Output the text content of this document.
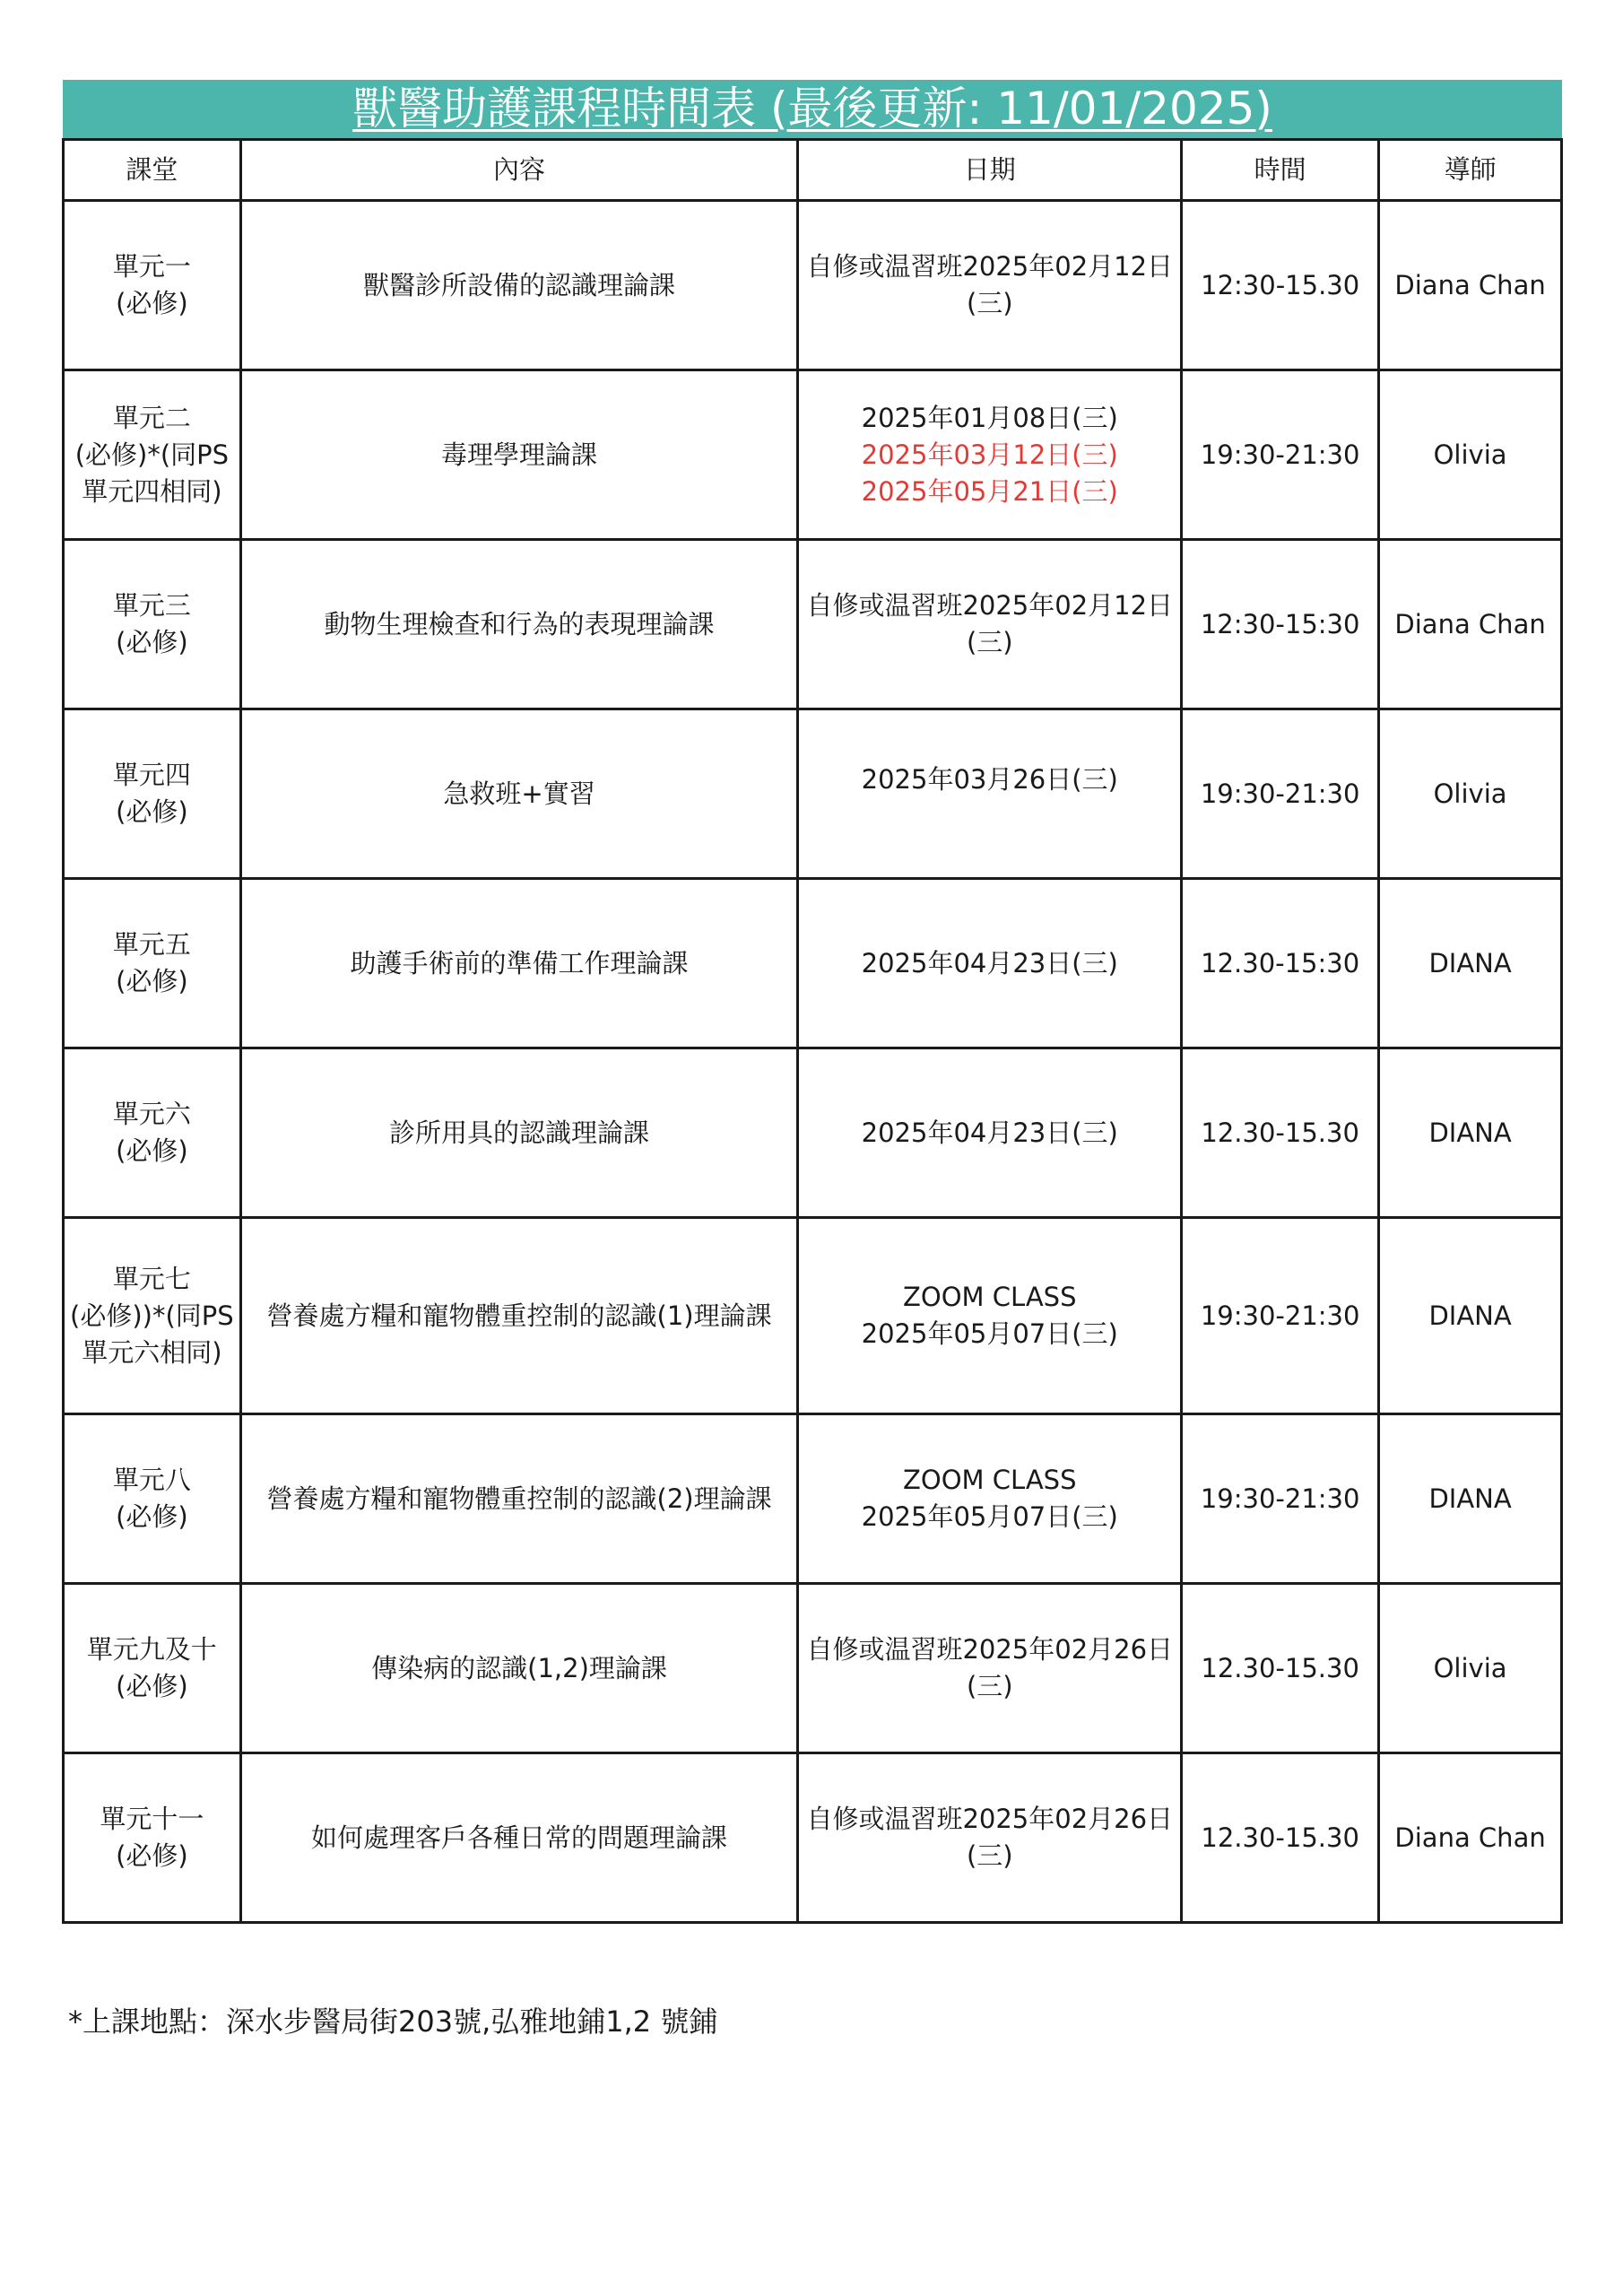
獸醫助護課程時間表 (最後更新: 11/01/2025)
課堂	內容	日期	時間	導師

單元一
(必修)	獸醫診所設備的認識理論課	自修或温習班2025年02月12日
(三)	12:30-15.30	Diana Chan

單元二
(必修)*(同PS
單元四相同)	毒理學理論課	2025年01月08日(三)
2025年03月12日(三)
2025年05月21日(三)	19:30-21:30	Olivia

單元三
(必修)	動物生理檢查和行為的表現理論課	自修或温習班2025年02月12日
(三)	12:30-15:30	Diana Chan

單元四
(必修)	急救班+實習	2025年03月26日(三)	19:30-21:30	Olivia

單元五
(必修)	助護手術前的準備工作理論課	2025年04月23日(三)	12.30-15:30	DIANA

單元六
(必修)	診所用具的認識理論課	2025年04月23日(三)	12.30-15.30	DIANA

單元七
(必修))*(同PS
單元六相同)	營養處方糧和寵物體重控制的認識(1)理論課	ZOOM CLASS
2025年05月07日(三)	19:30-21:30	DIANA

單元八
(必修)	營養處方糧和寵物體重控制的認識(2)理論課	ZOOM CLASS
2025年05月07日(三)	19:30-21:30	DIANA

單元九及十
(必修)	傳染病的認識(1,2)理論課	自修或温習班2025年02月26日
(三)	12.30-15.30	Olivia

單元十一
(必修)	如何處理客戶各種日常的問題理論課	自修或温習班2025年02月26日
(三)	12.30-15.30	Diana Chan
*上課地點：深水步醫局街203號,弘雅地鋪1,2 號鋪
